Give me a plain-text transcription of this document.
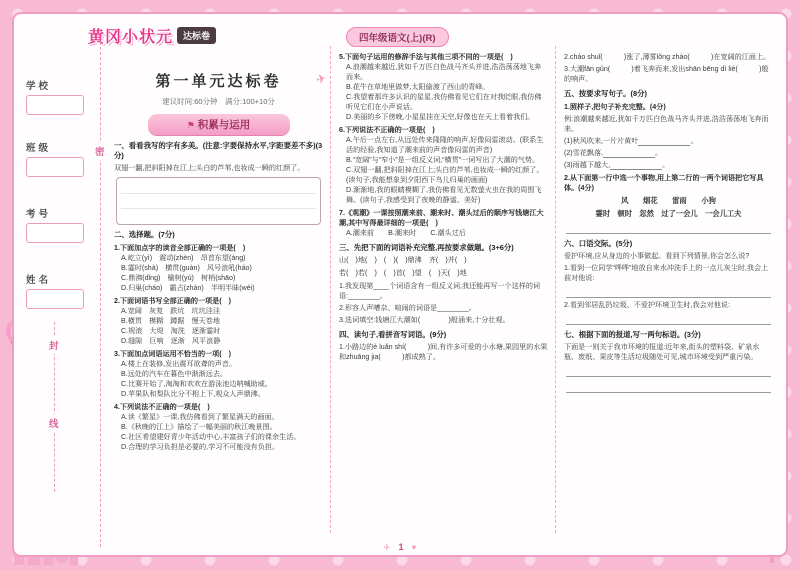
黄冈小状元	达标卷	四年级语文(上)(R)
学校
班级
考号
姓名
密
封
线
第一单元达标卷	✈
建议时间:60分钟　满分:100+10分
⚑ 积累与运用
一、看看我写的字有多美。(注意:字要保持水平,字距要差不多)(3分)
双翅一翻,把斜阳掉在江上;头白的芦苇,也妆成一瞬的红颜了。
二、选择题。(7分)
1.下面加点字的读音全部正确的一项是(　)
A.屹立(yì)　震动(zhèn)　昂首东望(áng)
B.霎时(shà)　横贯(guàn)　风号浪吼(háo)
C.鼎沸(dǐng)　榆树(yú)　树梢(shāo)
D.归巢(cháo)　霸占(zhàn)　半明半昧(wèi)
2.下面词语书写全部正确的一项是(　)
A.宽阔　灰复　跌坑　坑坑洼洼
B.横贯　模糊　蹲踞　慢天卷地
C.规滚　大堤　淘洗　逐渐霎时
D.缝隙　巨响　逐渐　风平浪静
3.下面加点词语运用不恰当的一项(　)
A.楼上在装修,发出震耳欲聋的声音。
B.远处的汽车在暮色中渐渐远去。
C.比赛开始了,淘淘和欢欢在游泳池边呐喊助威。
D.苹果队和梨队比分不相上下,观众人声鼎沸。
4.下列说法不正确的一项是(　)
A.读《繁星》一课,我仿佛看到了繁星满天的画面。
B.《秋晚的江上》描绘了一幅美丽的秋江晚景图。
C.社区希望建好青少年活动中心,丰富孩子们的课余生活。
D.合理的学习负担是必要的,学习不可能没有负担。
5.下面句子运用的修辞手法与其他三项不同的一项是(　)
A.浪潮越来越近,犹如千万匹白色战马齐头并进,浩浩荡荡地飞奔而来。
B.花牛在草地里做梦,太阳偷渡了西山的青峰。
C.我望着那许多认识的星星,我仿佛看见它们在对我眨眼,我仿佛听见它们在小声说话。
D.美丽的乡下傍晚,小星星挂在天空,好像也在天上看着我们。
6.下列说法不正确的一项是(　)
A.午后一点左右,从远处传来隆隆的响声,好像闷雷滚动。(联系生活的经验,我知道了潮来前的声音像闷雷的声音)
B.“宽阔”与“窄小”是一组反义词,“横贯”一词写出了大潮的气势。
C.双翅一翻,把斜阳掉在江上;头白的芦苇,也妆成一瞬的红颜了。(读句子,我能想象到夕阳西下鸟儿归巢的画面)
D.渐渐地,我的眼睛模糊了,我仿佛看见无数萤火虫在我的周围飞舞。(读句子,我感受到了夜晚的静谧、美好)
7.《观潮》一课按照潮来前、潮来时、潮头过后的顺序写钱塘江大潮,其中写得最详细的一项是(　)
A.潮来前　　B.潮来时　　C.潮头过后
三、先把下面的词语补充完整,再按要求做题。(3+6分)
山(　)地(　)　(　)(　)鼎沸　齐(　)并(　)
若(　)若(　)　(　)首(　)望　(　)天(　)地
1.我发现第____个词语含有一组反义词,我还能再写一个这样的词语:________。
2.形容人声嘈杂、喧闹的词语是________。
3.选词填空:钱塘江大潮如(　　　　)般涌来,十分壮观。
四、读句子,看拼音写词语。(9分)
1.小路边的é luǎn shí(　　　)间,有许多可爱的小水塘,果园里的水果和zhuāng jia(　　　)都成熟了。
2.cháo shuǐ(　　　)涨了,薄雾lǒng zhào(　　　)在宽阔的江面上。
3.大潮fān gǔn(　　　)着飞奔而来,发出shān bēng dì liè(　　　)般的响声。
五、按要求写句子。(8分)
1.照样子,把句子补充完整。(4分)
例:浪潮越来越近,犹如千万匹白色战马齐头并进,浩浩荡荡地飞奔而来。
(1)秋风吹来,一片片黄叶	。
(2)雪花飘落,	。
(3)雨越下越大,	。
2.从下面第一行中选一个事物,用上第二行的一两个词语把它写具体。(4分)
风　　烟花　　雷雨　　小狗
霎时　顿时　忽然　过了一会儿　一会儿工夫
六、口语交际。(5分)
爱护环境,应从身边的小事做起。看到下列情景,你会怎么说?
1.看到一位同学“哗哗”地放自来水冲洗手上的一点儿灰尘时,我会上前对他说:
2.看到邻居乱扔垃圾、不爱护环境卫生时,我会对他说:
七、根据下面的报道,写一两句标语。(3分)
下面是一则关于我市环境的报道:近年来,街头的塑料袋、矿泉水瓶、废纸、果皮等生活垃圾随处可见,城市环境受到严重污染。
✈ 1 ♥
